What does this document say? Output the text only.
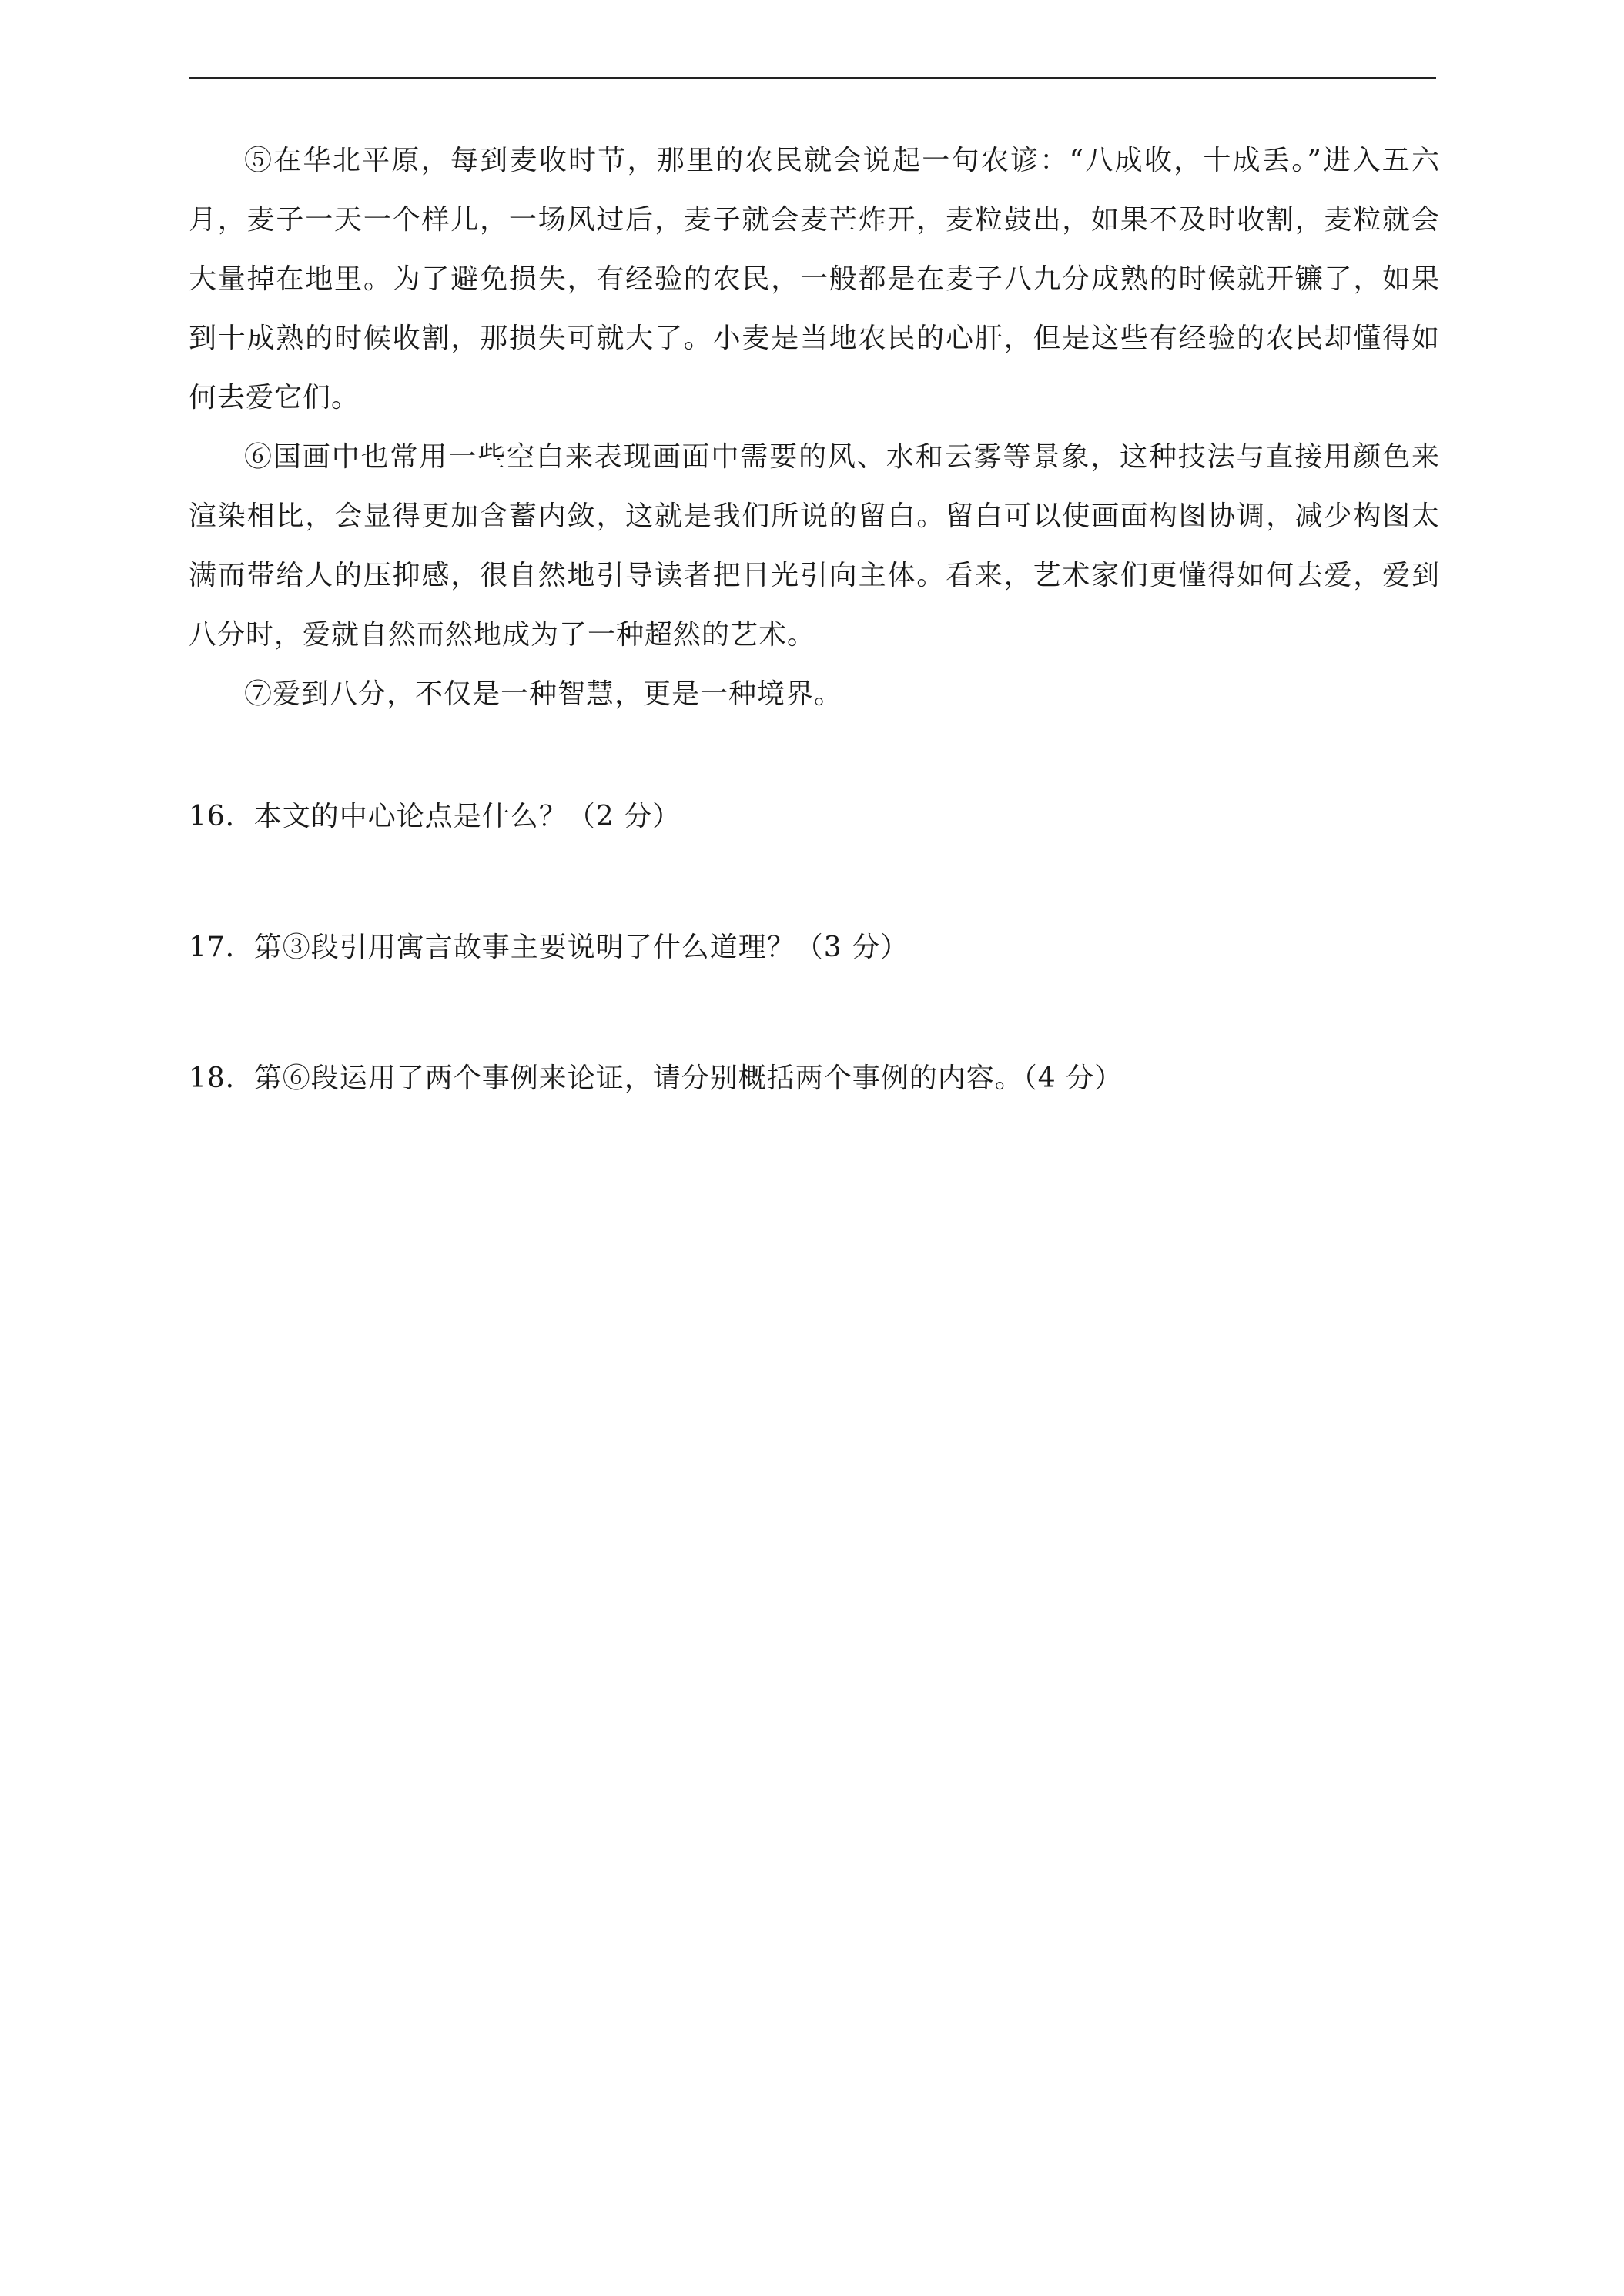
⑤在华北平原，每到麦收时节，那里的农民就会说起一句农谚：“八成收，十成丢。”进入五六月，麦子一天一个样儿，一场风过后，麦子就会麦芒炸开，麦粒鼓出，如果不及时收割，麦粒就会大量掉在地里。为了避免损失，有经验的农民，一般都是在麦子八九分成熟的时候就开镰了，如果到十成熟的时候收割，那损失可就大了。小麦是当地农民的心肝，但是这些有经验的农民却懂得如何去爱它们。

⑥国画中也常用一些空白来表现画面中需要的风、水和云雾等景象，这种技法与直接用颜色来渲染相比，会显得更加含蓄内敛，这就是我们所说的留白。留白可以使画面构图协调，减少构图太满而带给人的压抑感，很自然地引导读者把目光引向主体。看来，艺术家们更懂得如何去爱，爱到八分时，爱就自然而然地成为了一种超然的艺术。

⑦爱到八分，不仅是一种智慧，更是一种境界。

16．本文的中心论点是什么？（2 分）

17．第③段引用寓言故事主要说明了什么道理？（3 分）

18．第⑥段运用了两个事例来论证，请分别概括两个事例的内容。（4 分）
